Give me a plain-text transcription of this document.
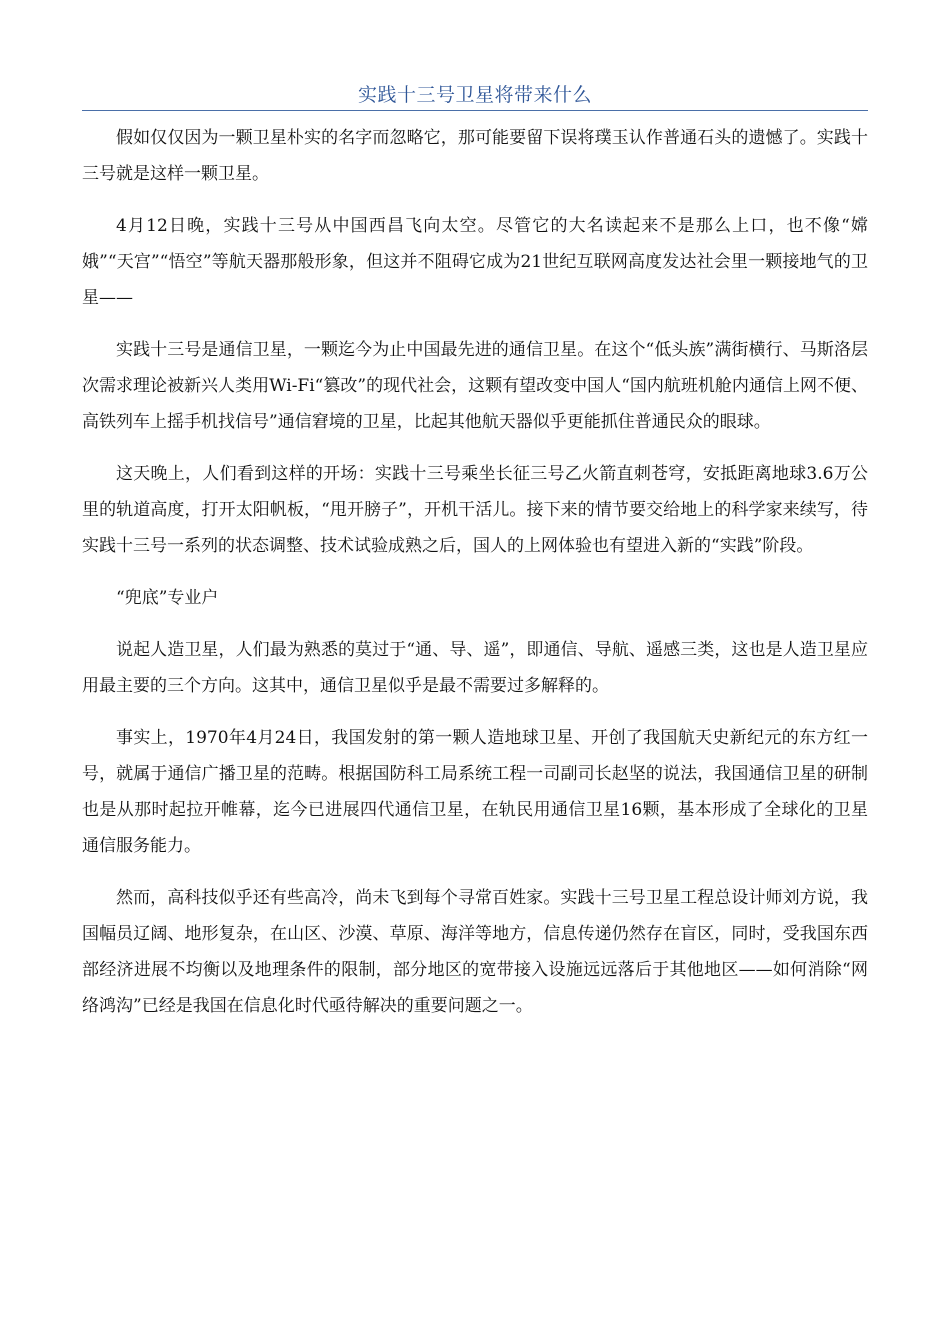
实践十三号卫星将带来什么

假如仅仅因为一颗卫星朴实的名字而忽略它，那可能要留下误将璞玉认作普通石头的遗憾了。实践十三号就是这样一颗卫星。

4月12日晚，实践十三号从中国西昌飞向太空。尽管它的大名读起来不是那么上口，也不像“嫦娥”“天宫”“悟空”等航天器那般形象，但这并不阻碍它成为21世纪互联网高度发达社会里一颗接地气的卫星——

实践十三号是通信卫星，一颗迄今为止中国最先进的通信卫星。在这个“低头族”满街横行、马斯洛层次需求理论被新兴人类用Wi-Fi“篡改”的现代社会，这颗有望改变中国人“国内航班机舱内通信上网不便、高铁列车上摇手机找信号”通信窘境的卫星，比起其他航天器似乎更能抓住普通民众的眼球。

这天晚上，人们看到这样的开场：实践十三号乘坐长征三号乙火箭直刺苍穹，安抵距离地球3.6万公里的轨道高度，打开太阳帆板，“甩开膀子”，开机干活儿。接下来的情节要交给地上的科学家来续写，待实践十三号一系列的状态调整、技术试验成熟之后，国人的上网体验也有望进入新的“实践”阶段。

“兜底”专业户

说起人造卫星，人们最为熟悉的莫过于“通、导、遥”，即通信、导航、遥感三类，这也是人造卫星应用最主要的三个方向。这其中，通信卫星似乎是最不需要过多解释的。

事实上，1970年4月24日，我国发射的第一颗人造地球卫星、开创了我国航天史新纪元的东方红一号，就属于通信广播卫星的范畴。根据国防科工局系统工程一司副司长赵坚的说法，我国通信卫星的研制也是从那时起拉开帷幕，迄今已进展四代通信卫星，在轨民用通信卫星16颗，基本形成了全球化的卫星通信服务能力。

然而，高科技似乎还有些高冷，尚未飞到每个寻常百姓家。实践十三号卫星工程总设计师刘方说，我国幅员辽阔、地形复杂，在山区、沙漠、草原、海洋等地方，信息传递仍然存在盲区，同时，受我国东西部经济进展不均衡以及地理条件的限制，部分地区的宽带接入设施远远落后于其他地区——如何消除“网络鸿沟”已经是我国在信息化时代亟待解决的重要问题之一。
